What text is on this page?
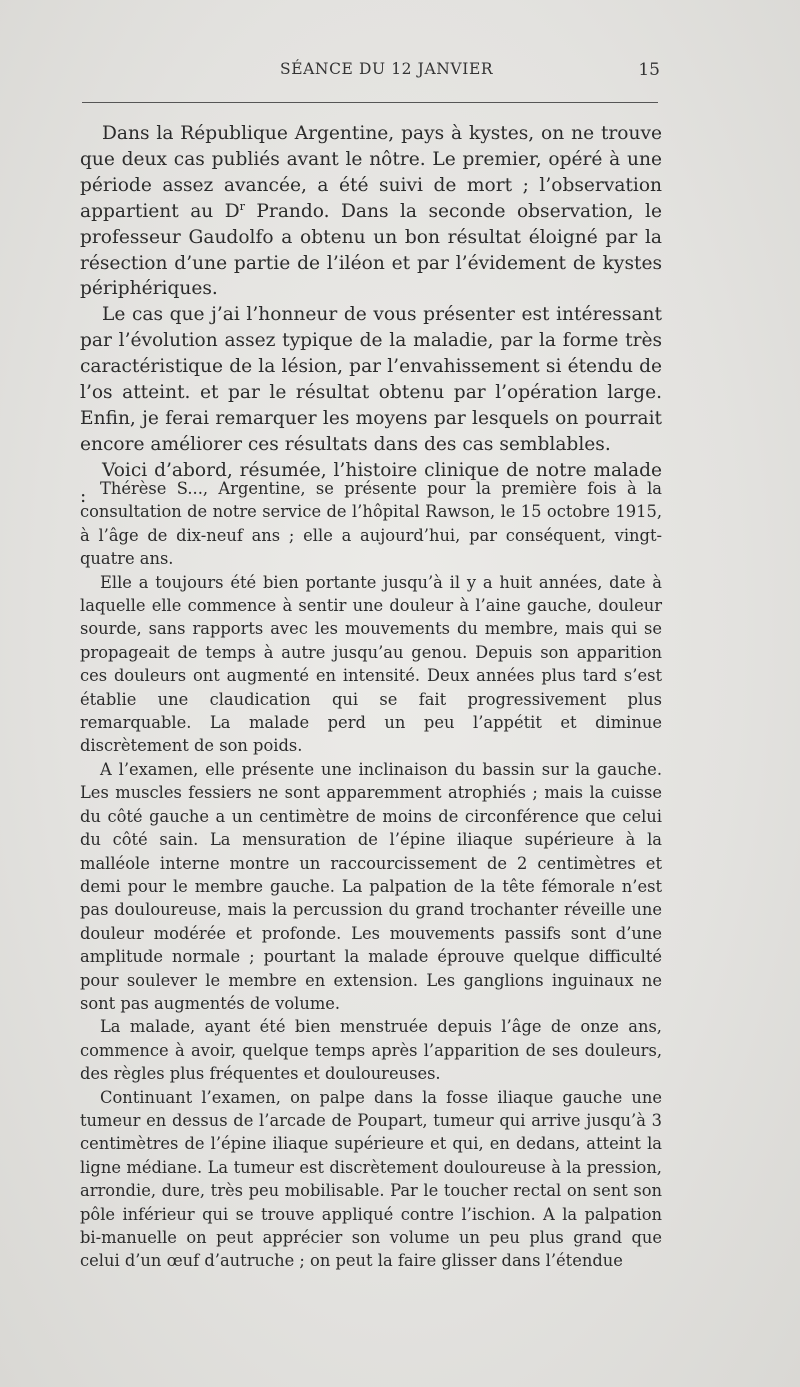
SÉANCE DU 12 JANVIER	15

Dans la République Argentine, pays à kystes, on ne trouve que deux cas publiés avant le nôtre. Le premier, opéré à une période assez avancée, a été suivi de mort ; l’observation appartient au $D^r$ Prando. Dans la seconde observation, le professeur Gaudolfo a obtenu un bon résultat éloigné par la résection d’une partie de l’iléon et par l’évidement de kystes périphériques.

Le cas que j’ai l’honneur de vous présenter est intéressant par l’évolution assez typique de la maladie, par la forme très caractéristique de la lésion, par l’envahissement si étendu de l’os atteint. et par le résultat obtenu par l’opération large. Enfin, je ferai remarquer les moyens par lesquels on pourrait encore améliorer ces résultats dans des cas semblables.

Voici d’abord, résumée, l’histoire clinique de notre malade : Thérèse S..., Argentine, se présente pour la première fois à la consultation de notre service de l’hôpital Rawson, le 15 octobre 1915, à l’âge de dix-neuf ans ; elle a aujourd’hui, par conséquent, vingt-quatre ans.

Elle a toujours été bien portante jusqu’à il y a huit années, date à laquelle elle commence à sentir une douleur à l’aine gauche, douleur sourde, sans rapports avec les mouvements du membre, mais qui se propageait de temps à autre jusqu’au genou. Depuis son apparition ces douleurs ont augmenté en intensité. Deux années plus tard s’est établie une claudication qui se fait progressivement plus remarquable. La malade perd un peu l’appétit et diminue discrètement de son poids.

A l’examen, elle présente une inclinaison du bassin sur la gauche. Les muscles fessiers ne sont apparemment atrophiés ; mais la cuisse du côté gauche a un centimètre de moins de circonférence que celui du côté sain. La mensuration de l’épine iliaque supérieure à la malléole interne montre un raccourcissement de 2 centimètres et demi pour le membre gauche. La palpation de la tête fémorale n’est pas douloureuse, mais la percussion du grand trochanter réveille une douleur modérée et profonde. Les mouvements passifs sont d’une amplitude normale ; pourtant la malade éprouve quelque difficulté pour soulever le membre en extension. Les ganglions inguinaux ne sont pas augmentés de volume.

La malade, ayant été bien menstruée depuis l’âge de onze ans, commence à avoir, quelque temps après l’apparition de ses douleurs, des règles plus fréquentes et douloureuses.

Continuant l’examen, on palpe dans la fosse iliaque gauche une tumeur en dessus de l’arcade de Poupart, tumeur qui arrive jusqu’à 3 centimètres de l’épine iliaque supérieure et qui, en dedans, atteint la ligne médiane. La tumeur est discrètement douloureuse à la pression, arrondie, dure, très peu mobilisable. Par le toucher rectal on sent son pôle inférieur qui se trouve appliqué contre l’ischion. A la palpation bi-manuelle on peut apprécier son volume un peu plus grand que celui d’un œuf d’autruche ; on peut la faire glisser dans l’étendue
